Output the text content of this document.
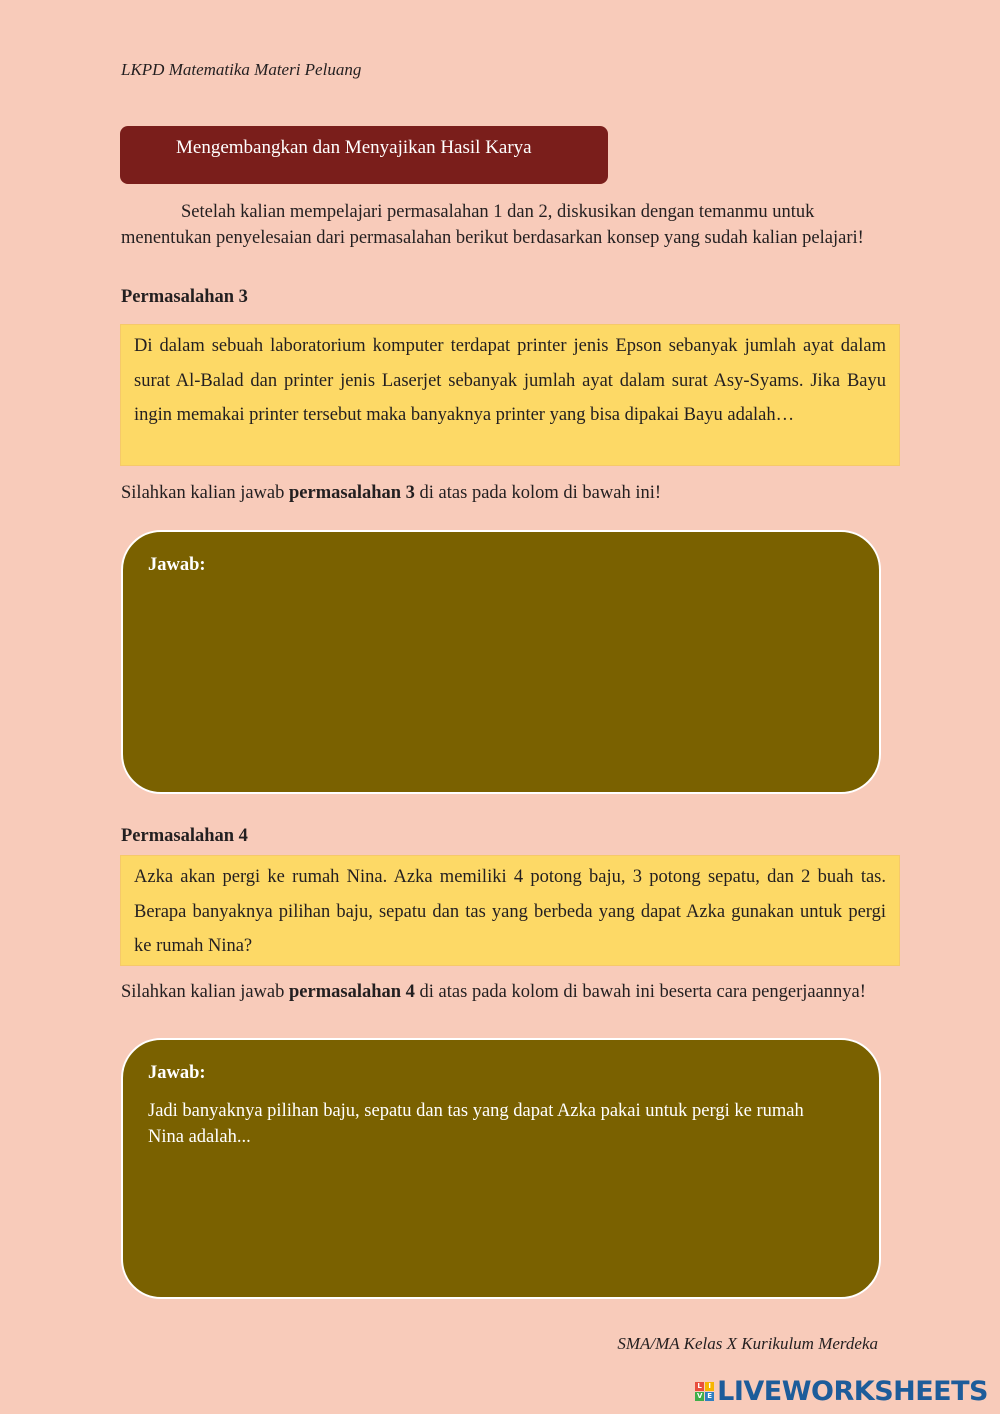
LKPD Matematika Materi Peluang
Mengembangkan dan Menyajikan Hasil Karya
Setelah kalian mempelajari permasalahan 1 dan 2, diskusikan dengan temanmu untuk menentukan penyelesaian dari permasalahan berikut berdasarkan konsep yang sudah kalian pelajari!
Permasalahan 3
Di dalam sebuah laboratorium komputer terdapat printer jenis Epson sebanyak jumlah ayat dalam surat Al-Balad dan printer jenis Laserjet sebanyak jumlah ayat dalam surat Asy-Syams. Jika Bayu ingin memakai printer tersebut maka banyaknya printer yang bisa dipakai Bayu adalah…
Silahkan kalian jawab permasalahan 3 di atas pada kolom di bawah ini!
Jawab:
Permasalahan 4
Azka akan pergi ke rumah Nina. Azka memiliki 4 potong baju, 3 potong sepatu, dan 2 buah tas. Berapa banyaknya pilihan baju, sepatu dan tas yang berbeda yang dapat Azka gunakan untuk pergi ke rumah Nina?
Silahkan kalian jawab permasalahan 4 di atas pada kolom di bawah ini beserta cara pengerjaannya!
Jawab:
Jadi banyaknya pilihan baju, sepatu dan tas yang dapat Azka pakai untuk pergi ke rumah Nina adalah...
SMA/MA Kelas X Kurikulum Merdeka
L I
V E LIVEWORKSHEETS
